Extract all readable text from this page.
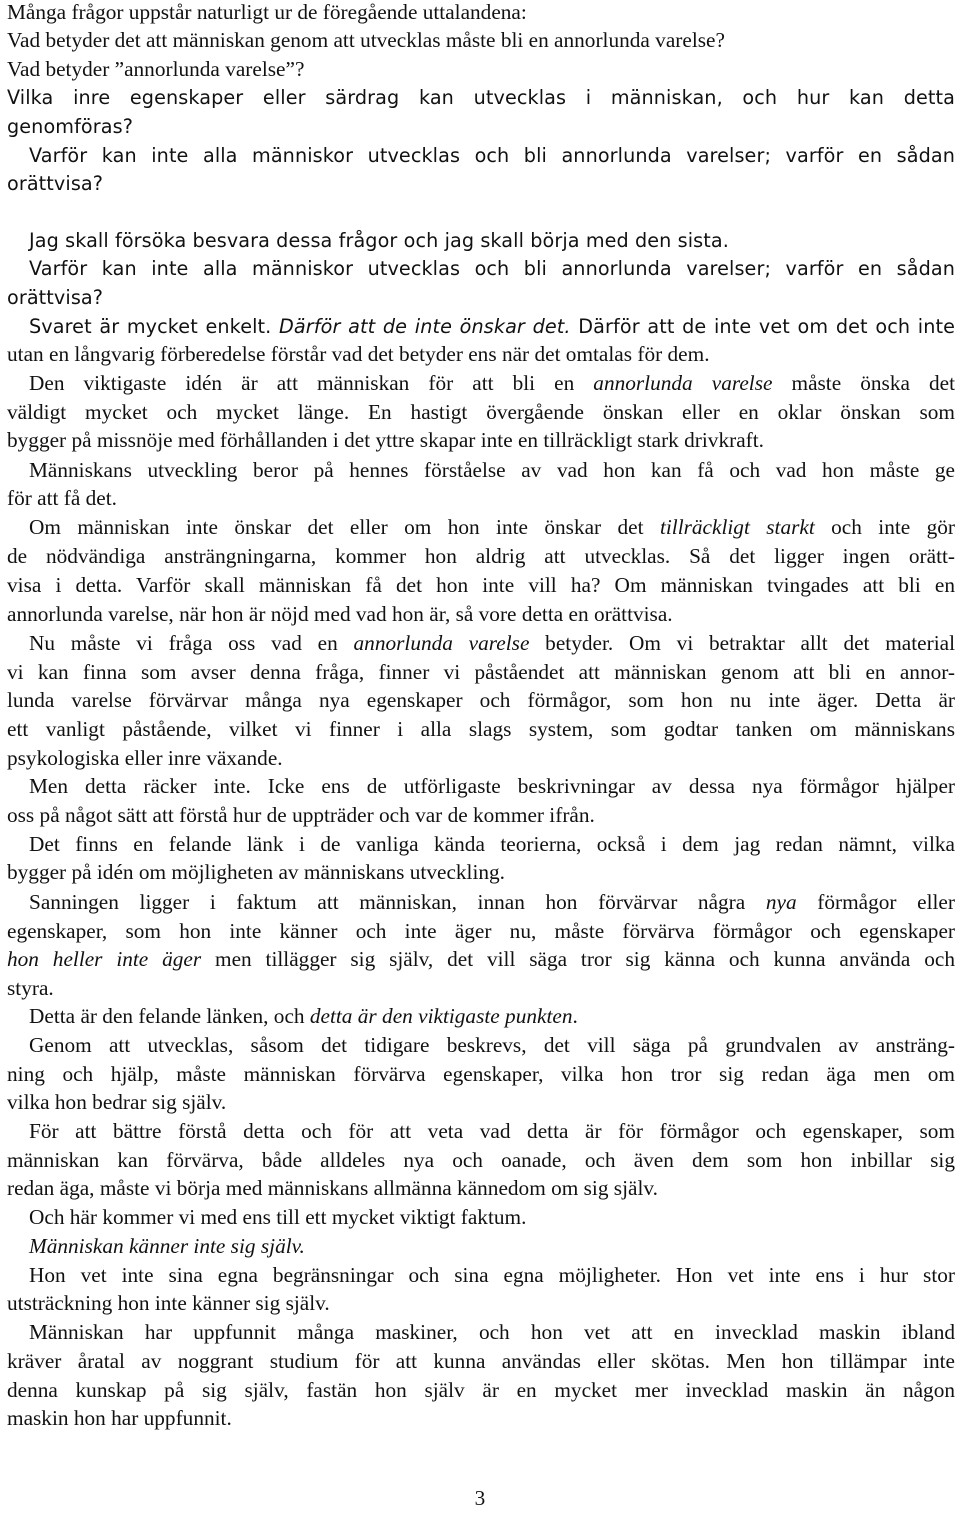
Många frågor uppstår naturligt ur de föregående uttalandena:
Vad betyder det att människan genom att utvecklas måste bli en annorlunda varelse?
Vad betyder ”annorlunda varelse”?
Vilka inre egenskaper eller särdrag kan utvecklas i människan, och hur kan detta
genomföras?
Varför kan inte alla människor utvecklas och bli annorlunda varelser; varför en sådan
orättvisa?
Jag skall försöka besvara dessa frågor och jag skall börja med den sista.
Varför kan inte alla människor utvecklas och bli annorlunda varelser; varför en sådan
orättvisa?
Svaret är mycket enkelt. Därför att de inte önskar det. Därför att de inte vet om det och inte
utan en långvarig förberedelse förstår vad det betyder ens när det omtalas för dem.
Den viktigaste idén är att människan för att bli en annorlunda varelse måste önska det
väldigt mycket och mycket länge. En hastigt övergående önskan eller en oklar önskan som
bygger på missnöje med förhållanden i det yttre skapar inte en tillräckligt stark drivkraft.
Människans utveckling beror på hennes förståelse av vad hon kan få och vad hon måste ge
för att få det.
Om människan inte önskar det eller om hon inte önskar det tillräckligt starkt och inte gör
de nödvändiga ansträngningarna, kommer hon aldrig att utvecklas. Så det ligger ingen orätt-
visa i detta. Varför skall människan få det hon inte vill ha? Om människan tvingades att bli en
annorlunda varelse, när hon är nöjd med vad hon är, så vore detta en orättvisa.
Nu måste vi fråga oss vad en annorlunda varelse betyder. Om vi betraktar allt det material
vi kan finna som avser denna fråga, finner vi påståendet att människan genom att bli en annor-
lunda varelse förvärvar många nya egenskaper och förmågor, som hon nu inte äger. Detta är
ett vanligt påstående, vilket vi finner i alla slags system, som godtar tanken om människans
psykologiska eller inre växande.
Men detta räcker inte. Icke ens de utförligaste beskrivningar av dessa nya förmågor hjälper
oss på något sätt att förstå hur de uppträder och var de kommer ifrån.
Det finns en felande länk i de vanliga kända teorierna, också i dem jag redan nämnt, vilka
bygger på idén om möjligheten av människans utveckling.
Sanningen ligger i faktum att människan, innan hon förvärvar några nya förmågor eller
egenskaper, som hon inte känner och inte äger nu, måste förvärva förmågor och egenskaper
hon heller inte äger men tillägger sig själv, det vill säga tror sig känna och kunna använda och
styra.
Detta är den felande länken, och detta är den viktigaste punkten.
Genom att utvecklas, såsom det tidigare beskrevs, det vill säga på grundvalen av ansträng-
ning och hjälp, måste människan förvärva egenskaper, vilka hon tror sig redan äga men om
vilka hon bedrar sig själv.
För att bättre förstå detta och för att veta vad detta är för förmågor och egenskaper, som
människan kan förvärva, både alldeles nya och oanade, och även dem som hon inbillar sig
redan äga, måste vi börja med människans allmänna kännedom om sig själv.
Och här kommer vi med ens till ett mycket viktigt faktum.
Människan känner inte sig själv.
Hon vet inte sina egna begränsningar och sina egna möjligheter. Hon vet inte ens i hur stor
utsträckning hon inte känner sig själv.
Människan har uppfunnit många maskiner, och hon vet att en invecklad maskin ibland
kräver åratal av noggrant studium för att kunna användas eller skötas. Men hon tillämpar inte
denna kunskap på sig själv, fastän hon själv är en mycket mer invecklad maskin än någon
maskin hon har uppfunnit.
3
